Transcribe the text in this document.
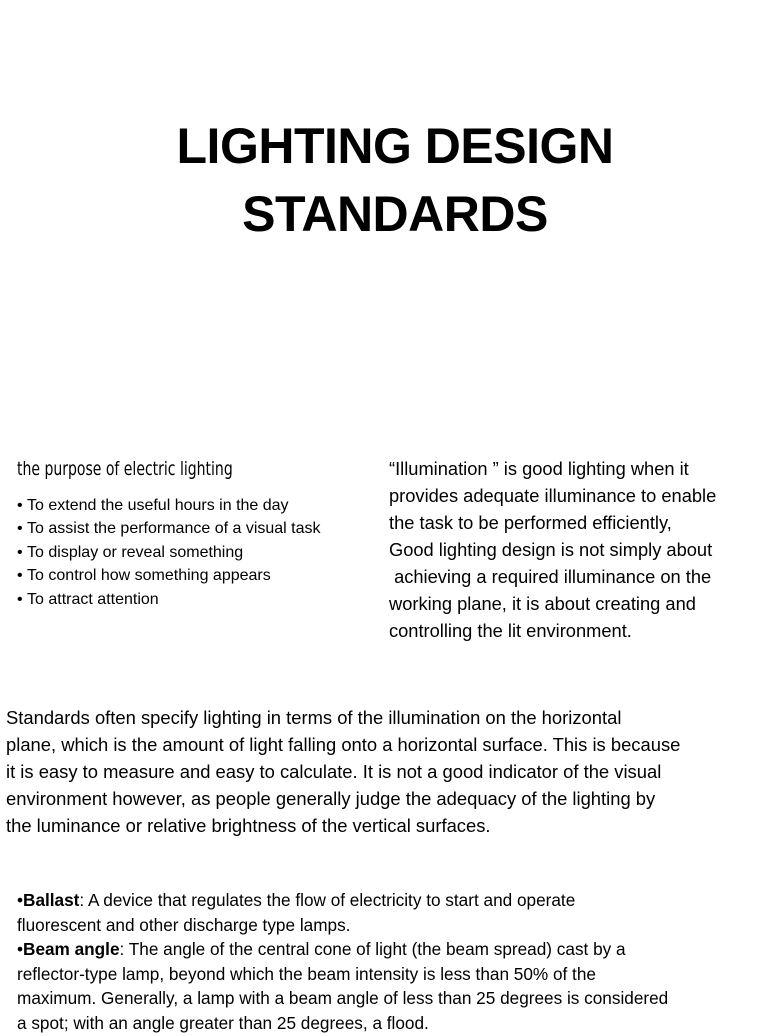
LIGHTING DESIGN
STANDARDS
the purpose of electric lighting
• To extend the useful hours in the day
• To assist the performance of a visual task
• To display or reveal something
• To control how something appears
• To attract attention
“Illumination ” is good lighting when it
provides adequate illuminance to enable
the task to be performed efficiently,
Good lighting design is not simply about
achieving a required illuminance on the
working plane, it is about creating and
controlling the lit environment.
Standards often specify lighting in terms of the illumination on the horizontal
plane, which is the amount of light falling onto a horizontal surface. This is because
it is easy to measure and easy to calculate. It is not a good indicator of the visual
environment however, as people generally judge the adequacy of the lighting by
the luminance or relative brightness of the vertical surfaces.
•Ballast: A device that regulates the flow of electricity to start and operate
fluorescent and other discharge type lamps.
•Beam angle: The angle of the central cone of light (the beam spread) cast by a
reflector-type lamp, beyond which the beam intensity is less than 50% of the
maximum. Generally, a lamp with a beam angle of less than 25 degrees is considered
a spot; with an angle greater than 25 degrees, a flood.
